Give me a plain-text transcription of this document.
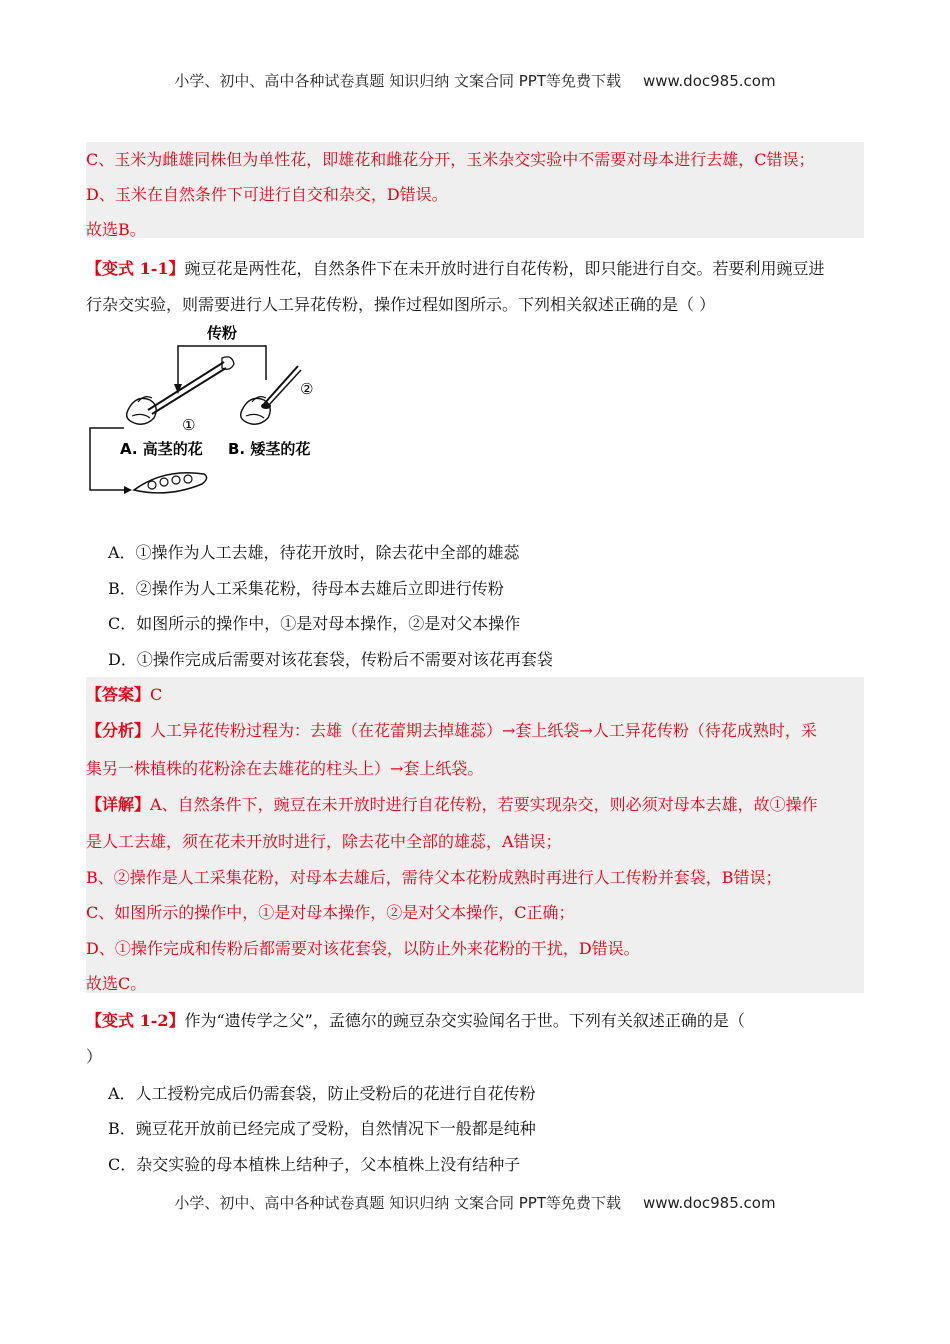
小学、初中、高中各种试卷真题 知识归纳 文案合同 PPT等免费下载 www.doc985.com
C、玉米为雌雄同株但为单性花，即雄花和雌花分开，玉米杂交实验中不需要对母本进行去雄，C错误；
D、玉米在自然条件下可进行自交和杂交，D错误。
故选B。
【变式 1-1】豌豆花是两性花，自然条件下在未开放时进行自花传粉，即只能进行自交。若要利用豌豆进
行杂交实验，则需要进行人工异花传粉，操作过程如图所示。下列相关叙述正确的是（ ）
传粉
①
②
A. 高茎的花 B. 矮茎的花
A．①操作为人工去雄，待花开放时，除去花中全部的雄蕊
B．②操作为人工采集花粉，待母本去雄后立即进行传粉
C．如图所示的操作中，①是对母本操作，②是对父本操作
D．①操作完成后需要对该花套袋，传粉后不需要对该花再套袋
【答案】C
【分析】人工异花传粉过程为：去雄（在花蕾期去掉雄蕊）→套上纸袋→人工异花传粉（待花成熟时，采
集另一株植株的花粉涂在去雄花的柱头上）→套上纸袋。
【详解】A、自然条件下，豌豆在未开放时进行自花传粉，若要实现杂交，则必须对母本去雄，故①操作
是人工去雄，须在花未开放时进行，除去花中全部的雄蕊，A错误；
B、②操作是人工采集花粉，对母本去雄后，需待父本花粉成熟时再进行人工传粉并套袋，B错误；
C、如图所示的操作中，①是对母本操作，②是对父本操作，C正确；
D、①操作完成和传粉后都需要对该花套袋，以防止外来花粉的干扰，D错误。
故选C。
【变式 1-2】作为“遗传学之父”，孟德尔的豌豆杂交实验闻名于世。下列有关叙述正确的是（
）
A．人工授粉完成后仍需套袋，防止受粉后的花进行自花传粉
B．豌豆花开放前已经完成了受粉，自然情况下一般都是纯种
C．杂交实验的母本植株上结种子，父本植株上没有结种子
小学、初中、高中各种试卷真题 知识归纳 文案合同 PPT等免费下载 www.doc985.com
